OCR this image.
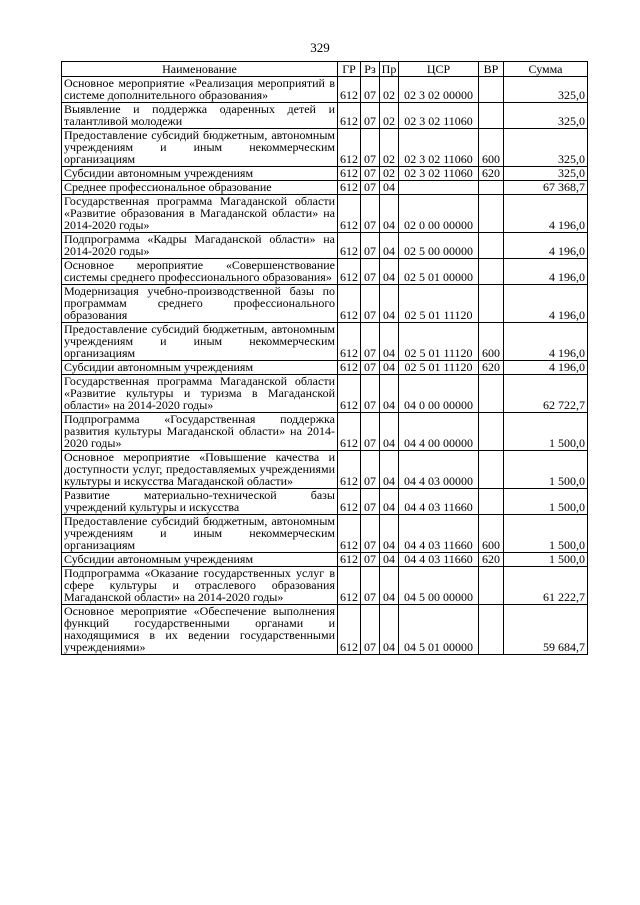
329
Наименование	ГР	Рз	Пр	ЦСР	ВР	Сумма
Основное мероприятие «Реализация мероприятий в системе дополнительного образования»	612	07	02	02 3 02 00000		325,0
Выявление и поддержка одаренных детей и талантливой молодежи	612	07	02	02 3 02 11060		325,0
Предоставление субсидий бюджетным, автономным учреждениям и иным некоммерческим организациям	612	07	02	02 3 02 11060	600	325,0
Субсидии автономным учреждениям	612	07	02	02 3 02 11060	620	325,0
Среднее профессиональное образование	612	07	04			67 368,7
Государственная программа Магаданской области «Развитие образования в Магаданской области» на 2014-2020 годы»	612	07	04	02 0 00 00000		4 196,0
Подпрограмма «Кадры Магаданской области» на 2014-2020 годы»	612	07	04	02 5 00 00000		4 196,0
Основное мероприятие «Совершенствование системы среднего профессионального образования»	612	07	04	02 5 01 00000		4 196,0
Модернизация учебно-производственной базы по программам среднего профессионального образования	612	07	04	02 5 01 11120		4 196,0
Предоставление субсидий бюджетным, автономным учреждениям и иным некоммерческим организациям	612	07	04	02 5 01 11120	600	4 196,0
Субсидии автономным учреждениям	612	07	04	02 5 01 11120	620	4 196,0
Государственная программа Магаданской области «Развитие культуры и туризма в Магаданской области» на 2014-2020 годы»	612	07	04	04 0 00 00000		62 722,7
Подпрограмма «Государственная поддержка развития культуры Магаданской области» на 2014-2020 годы»	612	07	04	04 4 00 00000		1 500,0
Основное мероприятие «Повышение качества и доступности услуг, предоставляемых учреждениями культуры и искусства Магаданской области»	612	07	04	04 4 03 00000		1 500,0
Развитие материально-технической базы учреждений культуры и искусства	612	07	04	04 4 03 11660		1 500,0
Предоставление субсидий бюджетным, автономным учреждениям и иным некоммерческим организациям	612	07	04	04 4 03 11660	600	1 500,0
Субсидии автономным учреждениям	612	07	04	04 4 03 11660	620	1 500,0
Подпрограмма «Оказание государственных услуг в сфере культуры и отраслевого образования Магаданской области» на 2014-2020 годы»	612	07	04	04 5 00 00000		61 222,7
Основное мероприятие «Обеспечение выполнения функций государственными органами и находящимися в их ведении государственными учреждениями»	612	07	04	04 5 01 00000		59 684,7
